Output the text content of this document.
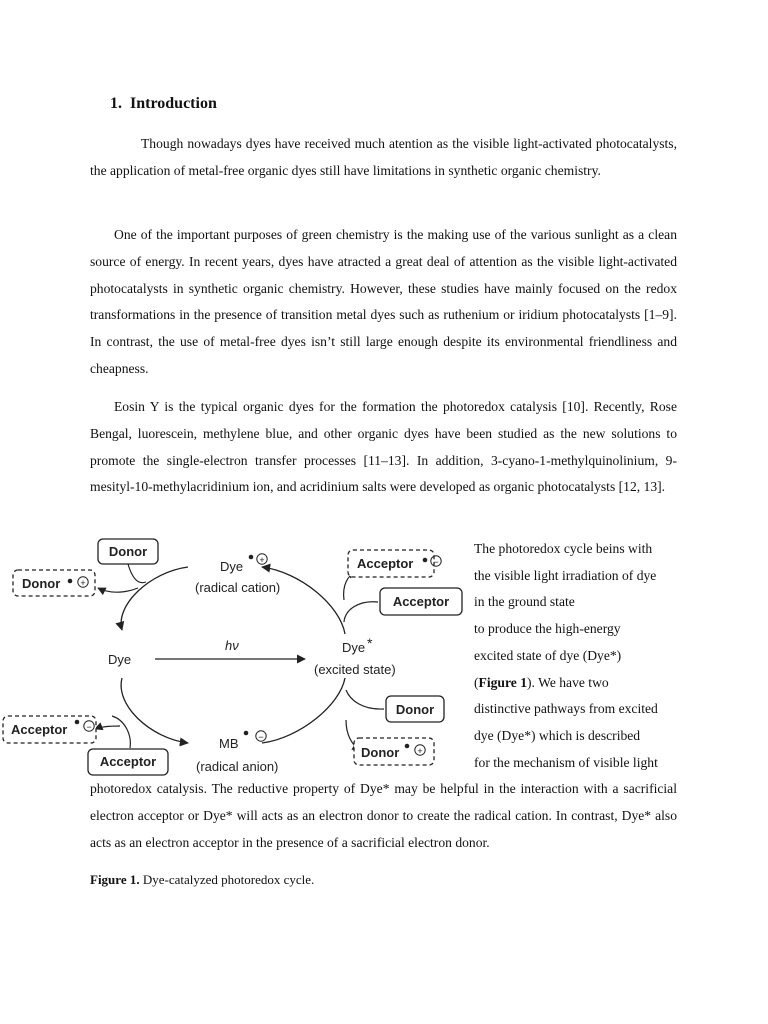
1. Introduction

Though nowadays dyes have received much atention as the visible light-activated photocatalysts, the application of metal-free organic dyes still have limitations in synthetic organic chemistry.

One of the important purposes of green chemistry is the making use of the various sunlight as a clean source of energy. In recent years, dyes have atracted a great deal of attention as the visible light-activated photocatalysts in synthetic organic chemistry. However, these studies have mainly focused on the redox transformations in the presence of transition metal dyes such as ruthenium or iridium photocatalysts [1–9]. In contrast, the use of metal-free dyes isn’t still large enough despite its environmental friendliness and cheapness.

Eosin Y is the typical organic dyes for the formation the photoredox catalysis [10]. Recently, Rose Bengal, luorescein, methylene blue, and other organic dyes have been studied as the new solutions to promote the single-electron transfer processes [11–13]. In addition, 3-cyano-1-methylquinolinium, 9-mesityl-10-methylacridinium ion, and acridinium salts were developed as organic photocatalysts [12, 13].

Donor
Donor +
Dye +
(radical cation)
Acceptor −
Acceptor
hν
Dye
Dye *
(excited state)
Acceptor −
Acceptor
MB −
(radical anion)
Donor
Donor +

The photoredox cycle beins with
the visible light irradiation of dye
in the ground state
to produce the high-energy
excited state of dye (Dye*)
(Figure 1). We have two
distinctive pathways from excited
dye (Dye*) which is described
for the mechanism of visible light

photoredox catalysis. The reductive property of Dye* may be helpful in the interaction with a sacrificial electron acceptor or Dye* will acts as an electron donor to create the radical cation. In contrast, Dye* also acts as an electron acceptor in the presence of a sacrificial electron donor.

Figure 1. Dye-catalyzed photoredox cycle.
